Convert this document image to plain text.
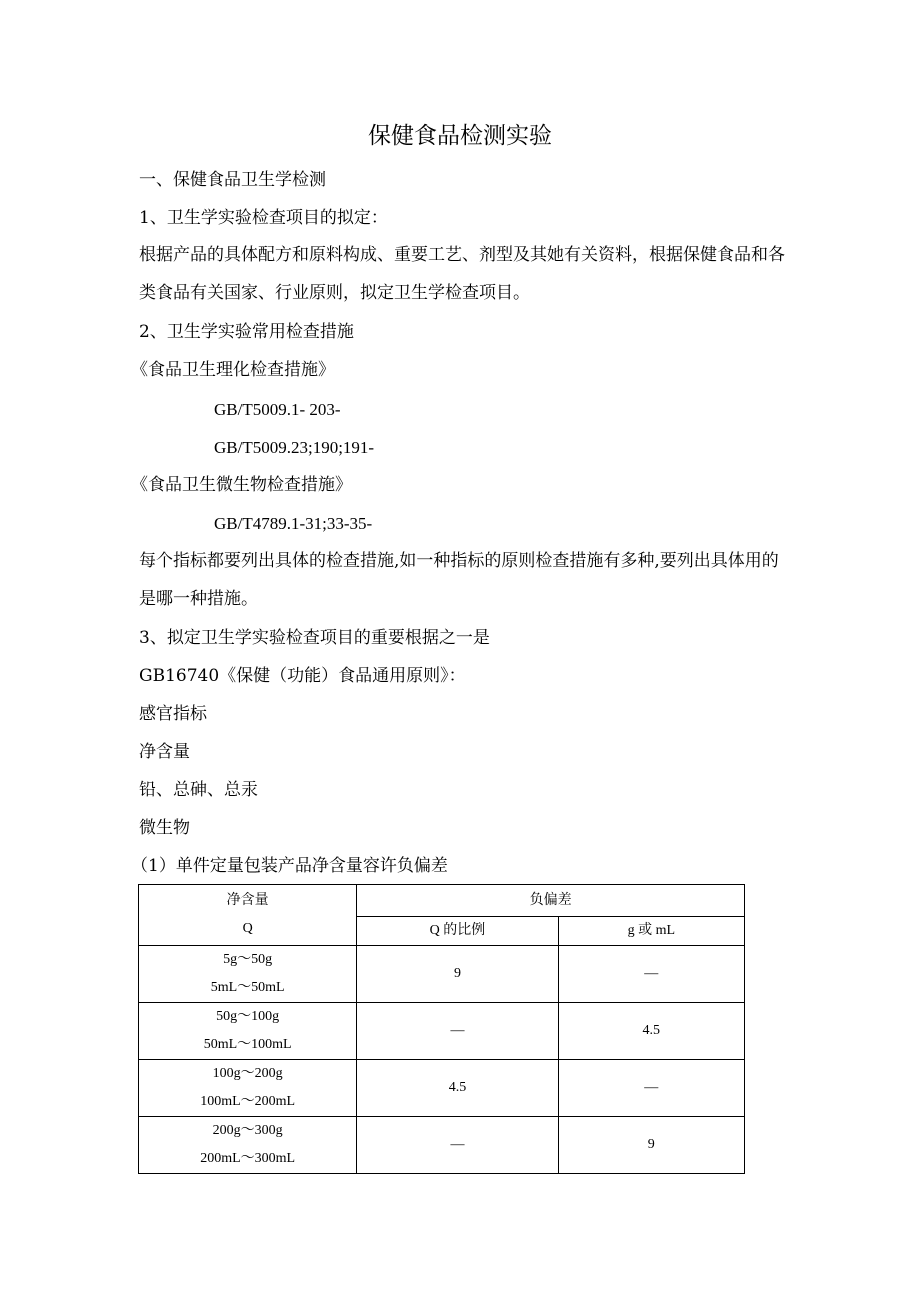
保健食品检测实验
一、保健食品卫生学检测
1、卫生学实验检查项目的拟定：
根据产品的具体配方和原料构成、重要工艺、剂型及其她有关资料，根据保健食品和各类食品有关国家、行业原则，拟定卫生学检查项目。
2、卫生学实验常用检查措施
《食品卫生理化检查措施》
GB/T5009.1- 203-
GB/T5009.23;190;191-
《食品卫生微生物检查措施》
GB/T4789.1-31;33-35-
每个指标都要列出具体的检查措施,如一种指标的原则检查措施有多种,要列出具体用的是哪一种措施。
3、拟定卫生学实验检查项目的重要根据之一是
GB16740《保健（功能）食品通用原则》：
感官指标
净含量
铅、总砷、总汞
微生物
（1）单件定量包装产品净含量容许负偏差
净含量
Q	负偏差	
	Q 的比例	g 或 mL

5g～50g
5mL～50mL	9	—

50g～100g
50mL～100mL	—	4.5

100g～200g
100mL～200mL	4.5	—

200g～300g
200mL～300mL	—	9
